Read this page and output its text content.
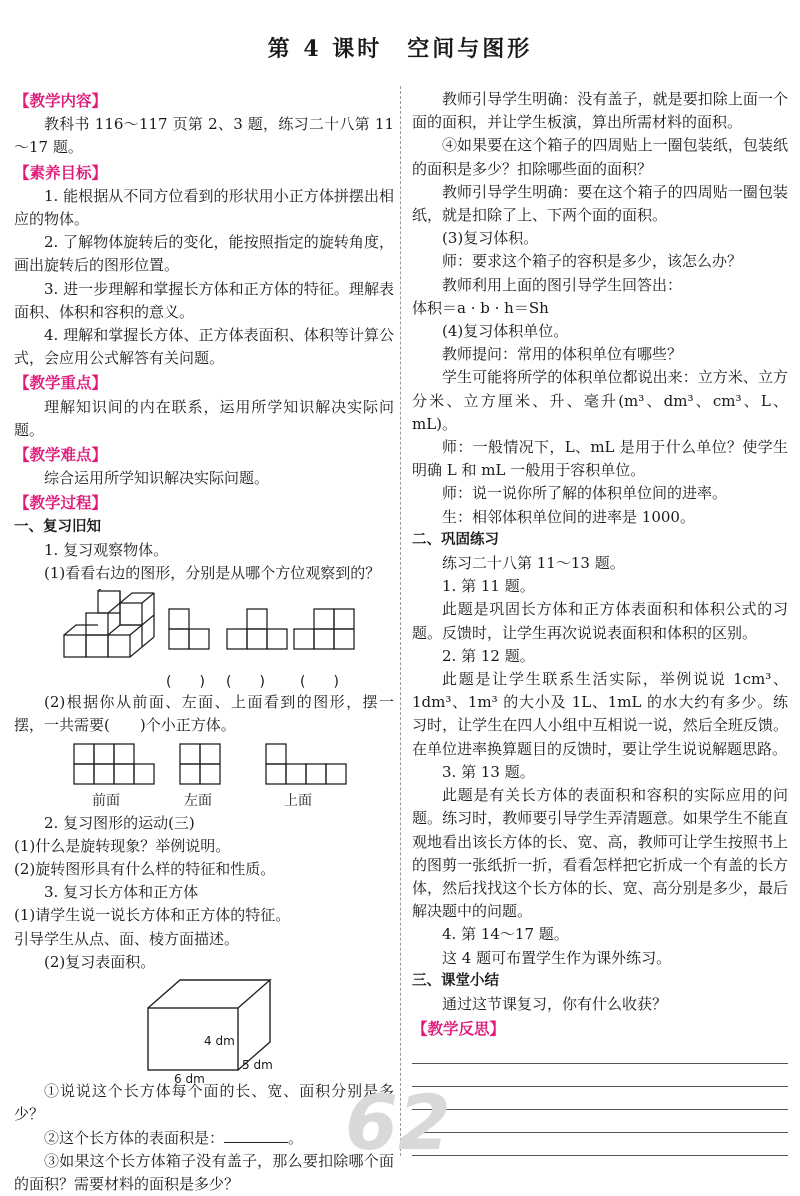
第 4 课时　空间与图形
【教学内容】

教科书 116～117 页第 2、3 题，练习二十八第 11～17 题。

【素养目标】

1. 能根据从不同方位看到的形状用小正方体拼摆出相应的物体。

2. 了解物体旋转后的变化，能按照指定的旋转角度，画出旋转后的图形位置。

3. 进一步理解和掌握长方体和正方体的特征。理解表面积、体积和容积的意义。

4. 理解和掌握长方体、正方体表面积、体积等计算公式，会应用公式解答有关问题。

【教学重点】

理解知识间的内在联系，运用所学知识解决实际问题。

【教学难点】

综合运用所学知识解决实际问题。

【教学过程】
一、复习旧知

1. 复习观察物体。

(1)看看右边的图形，分别是从哪个方位观察到的？

(　　) (　　)	(　　)

(2)根据你从前面、左面、上面看到的图形，摆一摆，一共需要(　　)个小正方体。

前面	左面	上面

2. 复习图形的运动(三)

(1)什么是旋转现象？举例说明。

(2)旋转图形具有什么样的特征和性质。

3. 复习长方体和正方体

(1)请学生说一说长方体和正方体的特征。

引导学生从点、面、棱方面描述。

(2)复习表面积。

4 dm
5 dm
6 dm

①说说这个长方体每个面的长、宽、面积分别是多少？

②这个长方体的表面积是：	。

③如果这个长方体箱子没有盖子，那么要扣除哪个面的面积？需要材料的面积是多少？

教师引导学生明确：没有盖子，就是要扣除上面一个面的面积，并让学生板演，算出所需材料的面积。

④如果要在这个箱子的四周贴上一圈包装纸，包装纸的面积是多少？扣除哪些面的面积？

教师引导学生明确：要在这个箱子的四周贴一圈包装纸，就是扣除了上、下两个面的面积。

(3)复习体积。

师：要求这个箱子的容积是多少，该怎么办？

教师利用上面的图引导学生回答出：

体积＝a · b · h＝Sh

(4)复习体积单位。

教师提问：常用的体积单位有哪些？

学生可能将所学的体积单位都说出来：立方米、立方分米、立方厘米、升、毫升(m³、dm³、cm³、L、mL)。

师：一般情况下，L、mL 是用于什么单位？使学生明确 L 和 mL 一般用于容积单位。

师：说一说你所了解的体积单位间的进率。

生：相邻体积单位间的进率是 1000。

二、巩固练习

练习二十八第 11～13 题。

1. 第 11 题。

此题是巩固长方体和正方体表面积和体积公式的习题。反馈时，让学生再次说说表面积和体积的区别。

2. 第 12 题。

此题是让学生联系生活实际，举例说说 1cm³、1dm³、1m³ 的大小及 1L、1mL 的水大约有多少。练习时，让学生在四人小组中互相说一说，然后全班反馈。在单位进率换算题目的反馈时，要让学生说说解题思路。

3. 第 13 题。

此题是有关长方体的表面积和容积的实际应用的问题。练习时，教师要引导学生弄清题意。如果学生不能直观地看出该长方体的长、宽、高，教师可让学生按照书上的图剪一张纸折一折，看看怎样把它折成一个有盖的长方体，然后找找这个长方体的长、宽、高分别是多少，最后解决题中的问题。

4. 第 14～17 题。

这 4 题可布置学生作为课外练习。

三、课堂小结

通过这节课复习，你有什么收获？

【教学反思】
62
